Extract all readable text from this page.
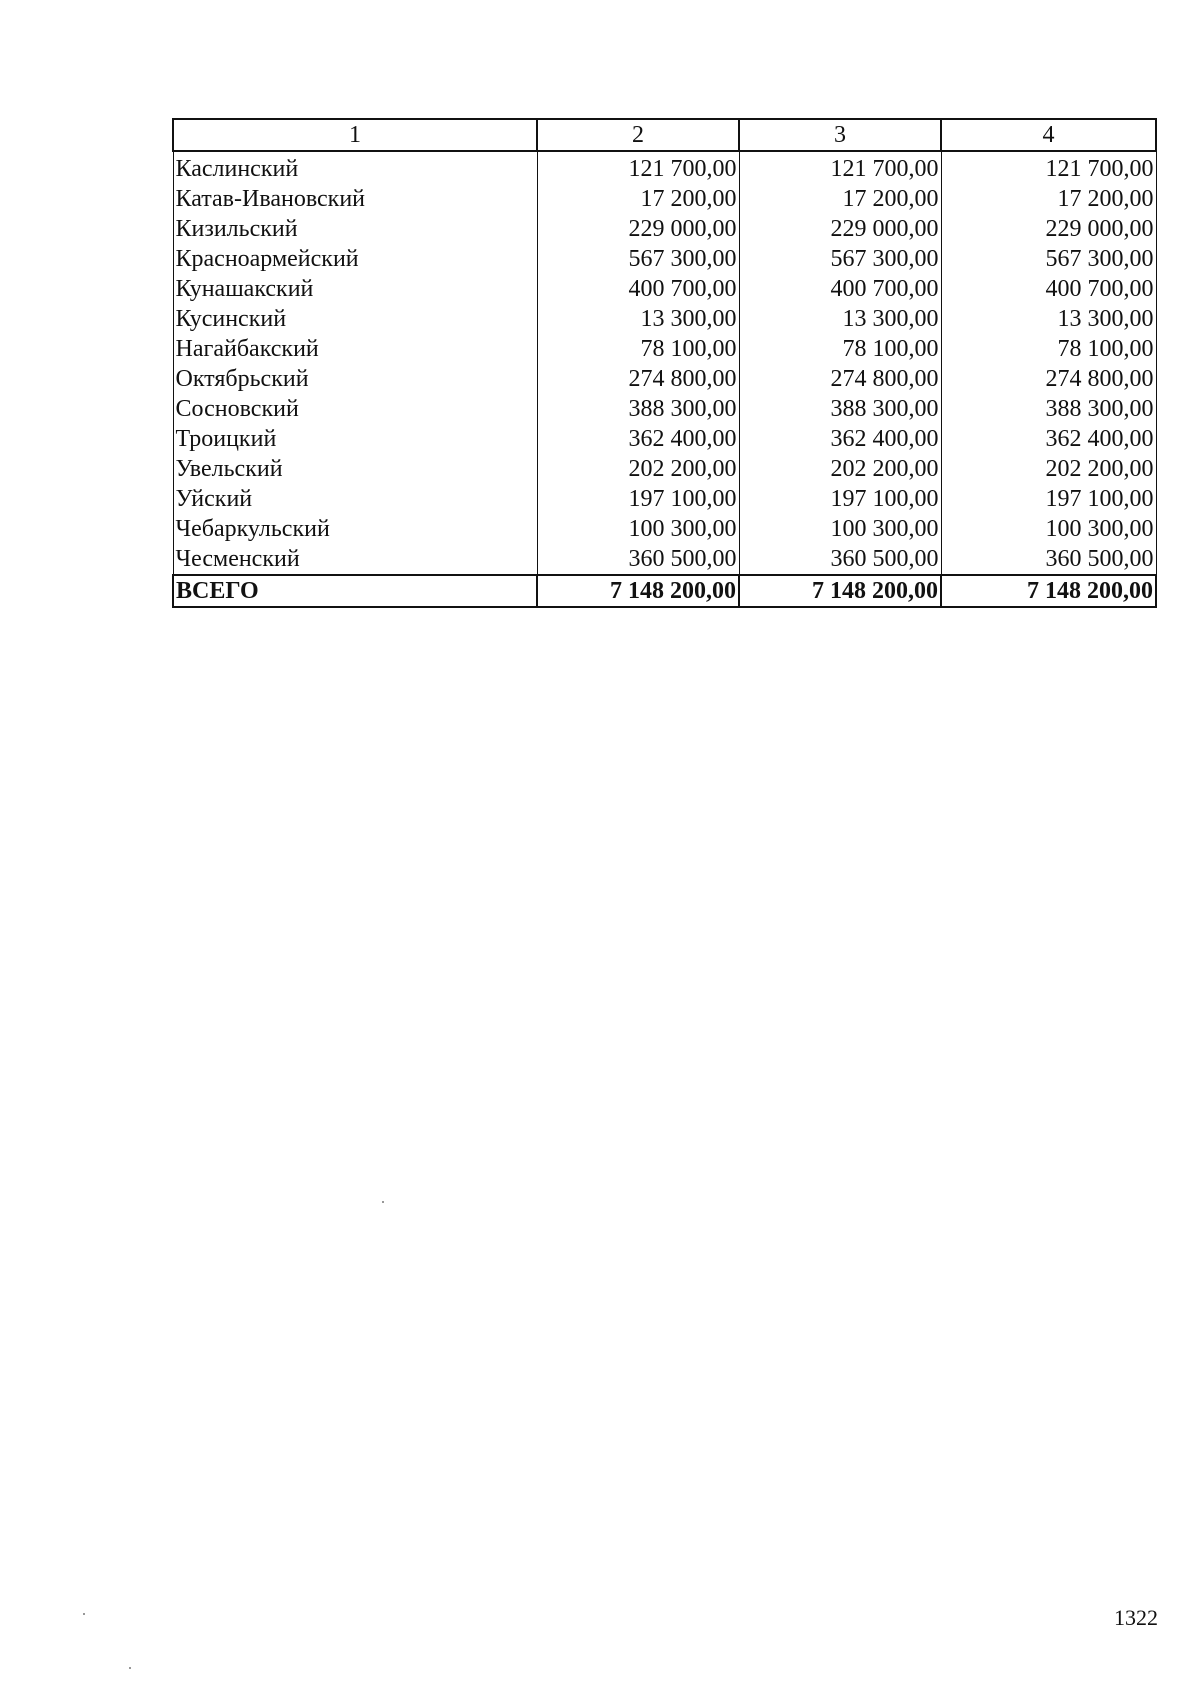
1	2	3	4
Каслинский	121 700,00	121 700,00	121 700,00
Катав-Ивановский	17 200,00	17 200,00	17 200,00
Кизильский	229 000,00	229 000,00	229 000,00
Красноармейский	567 300,00	567 300,00	567 300,00
Кунашакский	400 700,00	400 700,00	400 700,00
Кусинский	13 300,00	13 300,00	13 300,00
Нагайбакский	78 100,00	78 100,00	78 100,00
Октябрьский	274 800,00	274 800,00	274 800,00
Сосновский	388 300,00	388 300,00	388 300,00
Троицкий	362 400,00	362 400,00	362 400,00
Увельский	202 200,00	202 200,00	202 200,00
Уйский	197 100,00	197 100,00	197 100,00
Чебаркульский	100 300,00	100 300,00	100 300,00
Чесменский	360 500,00	360 500,00	360 500,00
ВСЕГО	7 148 200,00	7 148 200,00	7 148 200,00
1322
